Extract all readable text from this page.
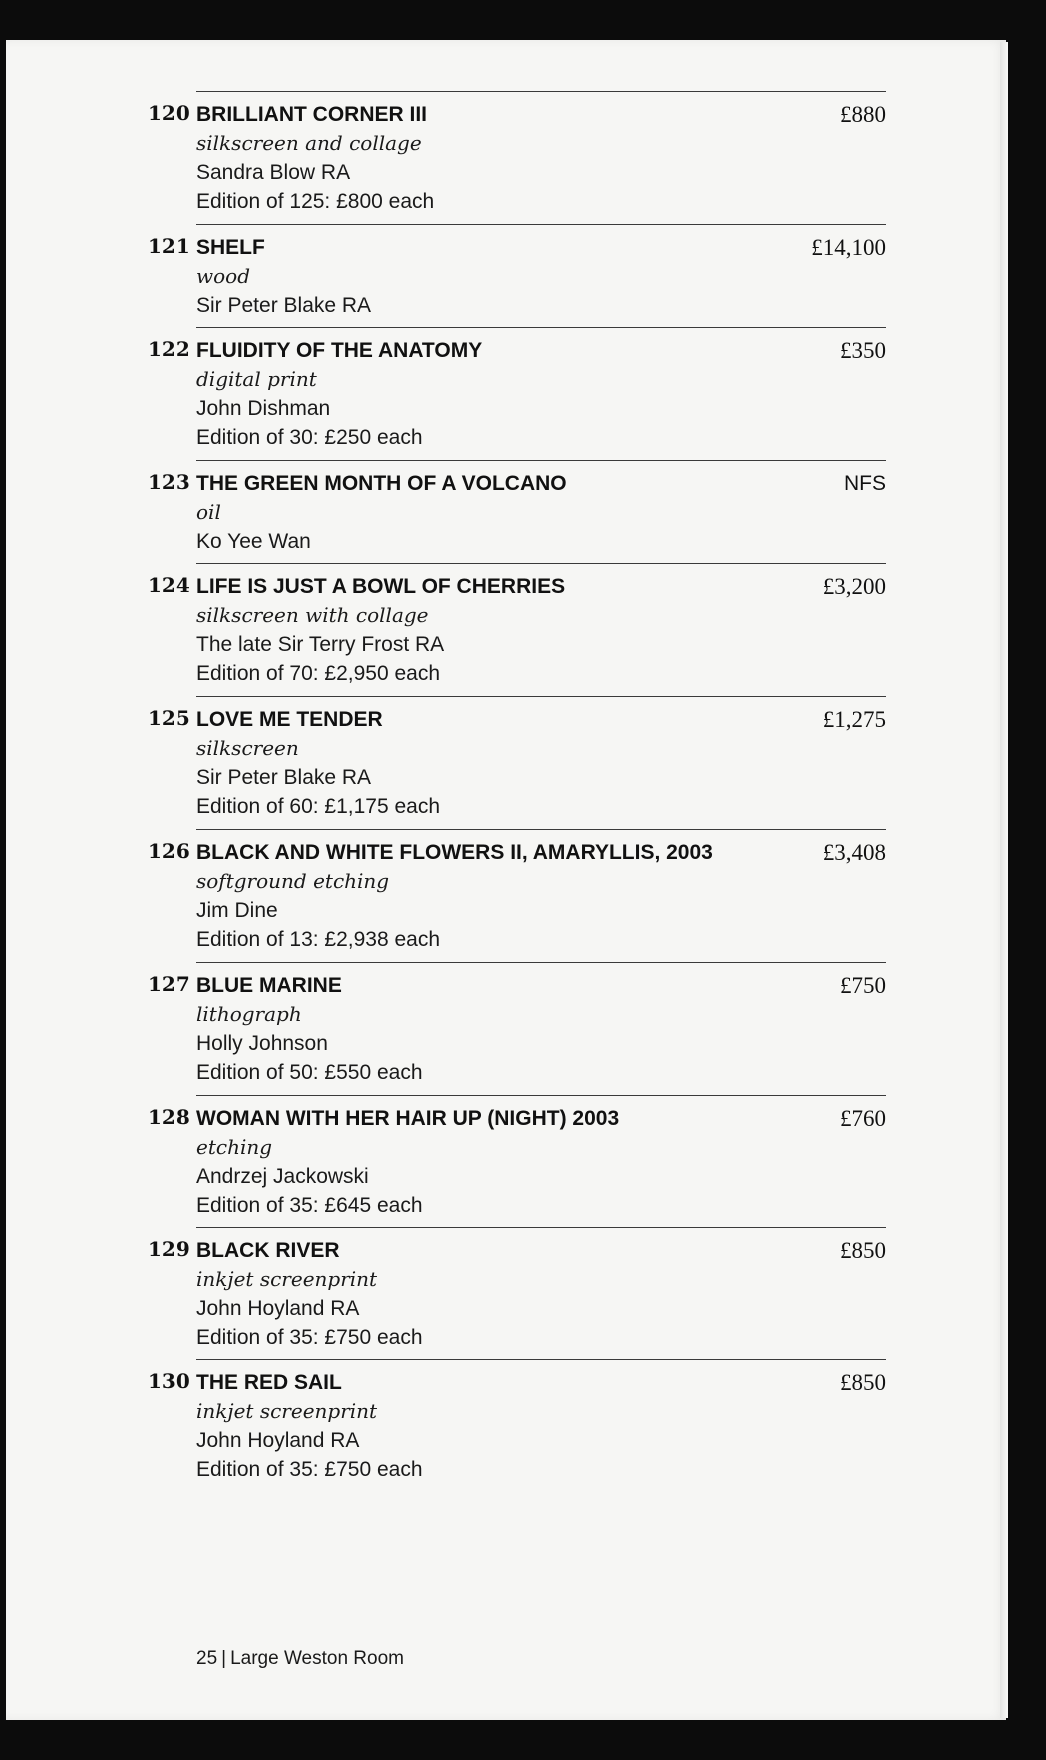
120 BRILLIANT CORNER III
silkscreen and collage
Sandra Blow RA
Edition of 125: £800 each
£880
121 SHELF
wood
Sir Peter Blake RA
£14,100
122 FLUIDITY OF THE ANATOMY
digital print
John Dishman
Edition of 30: £250 each
£350
123 THE GREEN MONTH OF A VOLCANO
oil
Ko Yee Wan
NFS
124 LIFE IS JUST A BOWL OF CHERRIES
silkscreen with collage
The late Sir Terry Frost RA
Edition of 70: £2,950 each
£3,200
125 LOVE ME TENDER
silkscreen
Sir Peter Blake RA
Edition of 60: £1,175 each
£1,275
126 BLACK AND WHITE FLOWERS II, AMARYLLIS, 2003
softground etching
Jim Dine
Edition of 13: £2,938 each
£3,408
127 BLUE MARINE
lithograph
Holly Johnson
Edition of 50: £550 each
£750
128 WOMAN WITH HER HAIR UP (NIGHT) 2003
etching
Andrzej Jackowski
Edition of 35: £645 each
£760
129 BLACK RIVER
inkjet screenprint
John Hoyland RA
Edition of 35: £750 each
£850
130 THE RED SAIL
inkjet screenprint
John Hoyland RA
Edition of 35: £750 each
£850
25 | Large Weston Room
